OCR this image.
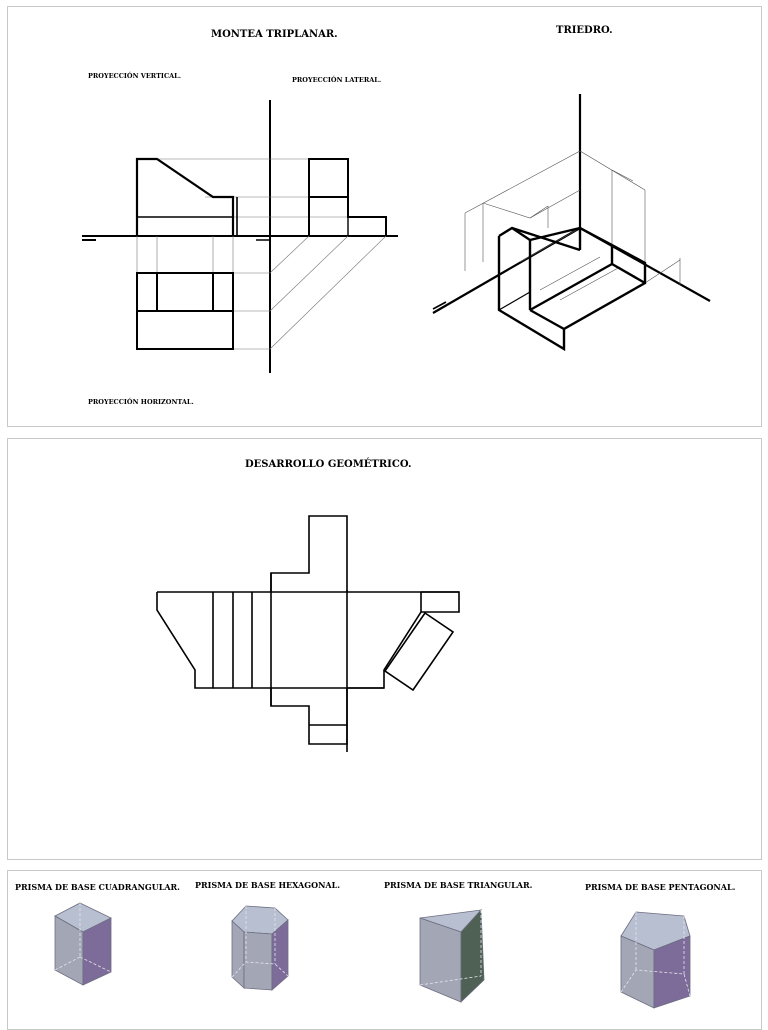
MONTEA TRIPLANAR.	TRIEDRO.
PROYECCIÓN VERTICAL.	PROYECCIÓN LATERAL.
PROYECCIÓN HORIZONTAL.
DESARROLLO GEOMÉTRICO.
PRISMA DE BASE CUADRANGULAR. PRISMA DE BASE HEXAGONAL.	PRISMA DE BASE TRIANGULAR.	PRISMA DE BASE PENTAGONAL.
